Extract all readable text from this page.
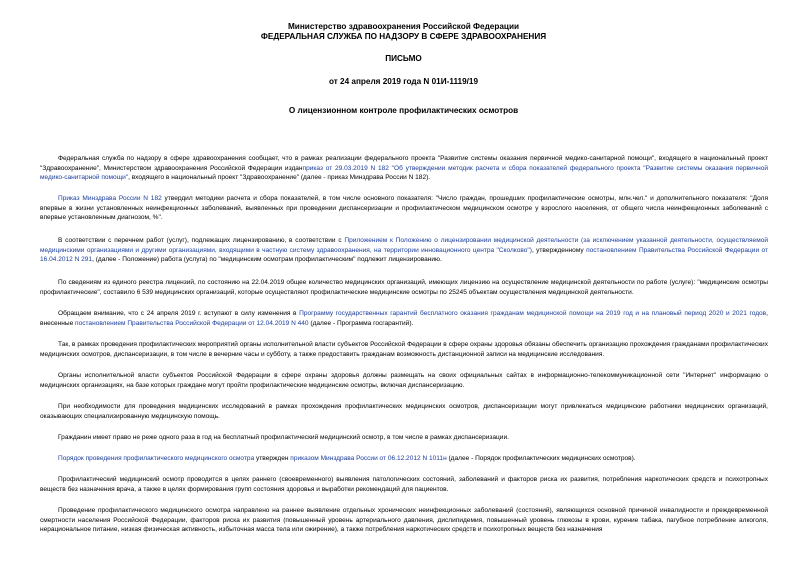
Министерство здравоохранения Российской Федерации
ФЕДЕРАЛЬНАЯ СЛУЖБА ПО НАДЗОРУ В СФЕРЕ ЗДРАВООХРАНЕНИЯ
ПИСЬМО
от 24 апреля 2019 года N 01И-1119/19
О лицензионном контроле профилактических осмотров

Федеральная служба по надзору в сфере здравоохранения сообщает, что в рамках реализации федерального проекта "Развитие системы оказания первичной медико-санитарной помощи", входящего в национальный проект "Здравоохранение", Министерством здравоохранения Российской Федерации изданприказ от 29.03.2019 N 182 "Об утверждении методик расчета и сбора показателей федерального проекта "Развитие системы оказания первичной медико-санитарной помощи", входящего в национальный проект "Здравоохранение" (далее - приказ Минздрава России N 182).

Приказ Минздрава России N 182 утвердил методики расчета и сбора показателей, в том числе основного показателя: "Число граждан, прошедших профилактические осмотры, млн.чел." и дополнительного показателя: "Доля впервые в жизни установленных неинфекционных заболеваний, выявленных при проведении диспансеризации и профилактическом медицинском осмотре у взрослого населения, от общего числа неинфекционных заболеваний с впервые установленным диагнозом, %".

В соответствии с перечнем работ (услуг), подлежащих лицензированию, в соответствии с Приложением к Положению о лицензировании медицинской деятельности (за исключением указанной деятельности, осуществляемой медицинскими организациями и другими организациями, входящими в частную систему здравоохранения, на территории инновационного центра "Сколково"), утвержденному постановлением Правительства Российской Федерации от 16.04.2012 N 291, (далее - Положение) работа (услуга) по "медицинским осмотрам профилактическим" подлежит лицензированию.

По сведениям из единого реестра лицензий, по состоянию на 22.04.2019 общее количество медицинских организаций, имеющих лицензию на осуществление медицинской деятельности по работе (услуге): "медицинские осмотры профилактические", составило 6 539 медицинских организаций, которые осуществляют профилактические медицинские осмотры по 25245 объектам осуществления медицинской деятельности.

Обращаем внимание, что с 24 апреля 2019 г. вступают в силу изменения в Программу государственных гарантий бесплатного оказания гражданам медицинской помощи на 2019 год и на плановый период 2020 и 2021 годов, внесенные постановлением Правительства Российской Федерации от 12.04.2019 N 440 (далее - Программа госгарантий).

Так, в рамках проведения профилактических мероприятий органы исполнительной власти субъектов Российской Федерации в сфере охраны здоровья обязаны обеспечить организацию прохождения гражданами профилактических медицинских осмотров, диспансеризации, в том числе в вечерние часы и субботу, а также предоставить гражданам возможность дистанционной записи на медицинские исследования.

Органы исполнительной власти субъектов Российской Федерации в сфере охраны здоровья должны размещать на своих официальных сайтах в информационно-телекоммуникационной сети "Интернет" информацию о медицинских организациях, на базе которых граждане могут пройти профилактические медицинские осмотры, включая диспансеризацию.

При необходимости для проведения медицинских исследований в рамках прохождения профилактических медицинских осмотров, диспансеризации могут привлекаться медицинские работники медицинских организаций, оказывающих специализированную медицинскую помощь.

Гражданин имеет право не реже одного раза в год на бесплатный профилактический медицинский осмотр, в том числе в рамках диспансеризации.

Порядок проведения профилактического медицинского осмотра утвержден приказом Минздрава России от 06.12.2012 N 1011н (далее - Порядок профилактических медицинских осмотров).

Профилактический медицинский осмотр проводится в целях раннего (своевременного) выявления патологических состояний, заболеваний и факторов риска их развития, потребления наркотических средств и психотропных веществ без назначения врача, а также в целях формирования групп состояния здоровья и выработки рекомендаций для пациентов.

Проведение профилактического медицинского осмотра направлено на раннее выявление отдельных хронических неинфекционных заболеваний (состояний), являющихся основной причиной инвалидности и преждевременной смертности населения Российской Федерации, факторов риска их развития (повышенный уровень артериального давления, дислипидемия, повышенный уровень глюкозы в крови, курение табака, пагубное потребление алкоголя, нерациональное питание, низкая физическая активность, избыточная масса тела или ожирение), а также потребления наркотических средств и психотропных веществ без назначения
